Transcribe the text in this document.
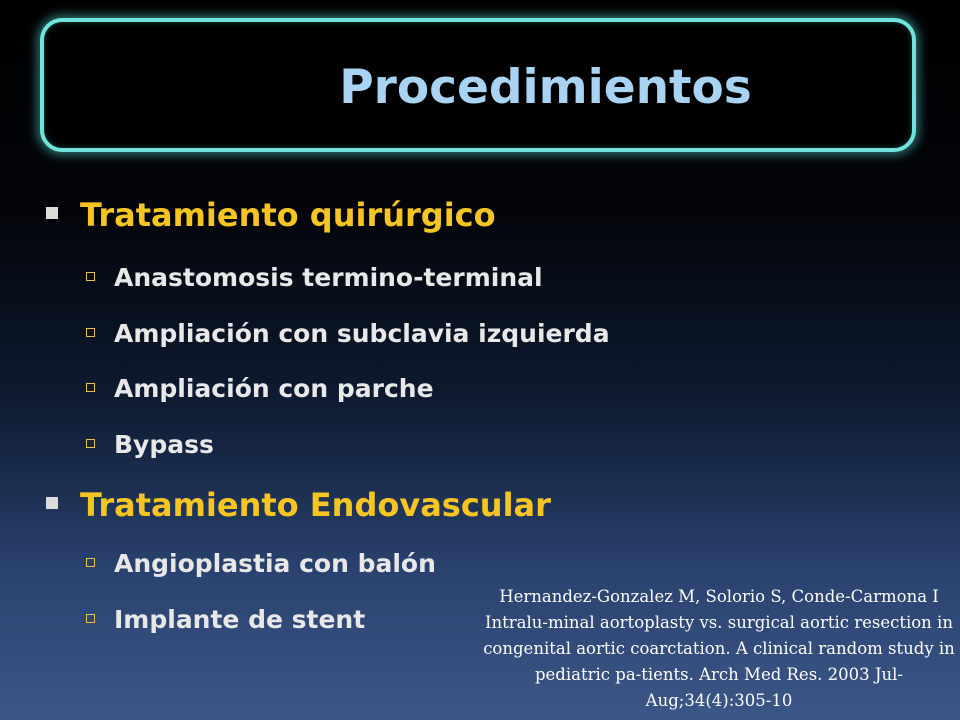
Procedimientos
Tratamiento quirúrgico
Anastomosis termino-terminal
Ampliación con subclavia izquierda
Ampliación con parche
Bypass
Tratamiento Endovascular
Angioplastia con balón
Implante de stent
Hernandez-Gonzalez M, Solorio S, Conde-Carmona I Intralu-minal aortoplasty vs. surgical aortic resection in congenital aortic coarctation. A clinical random study in pediatric pa-tients. Arch Med Res. 2003 Jul-Aug;34(4):305-10
